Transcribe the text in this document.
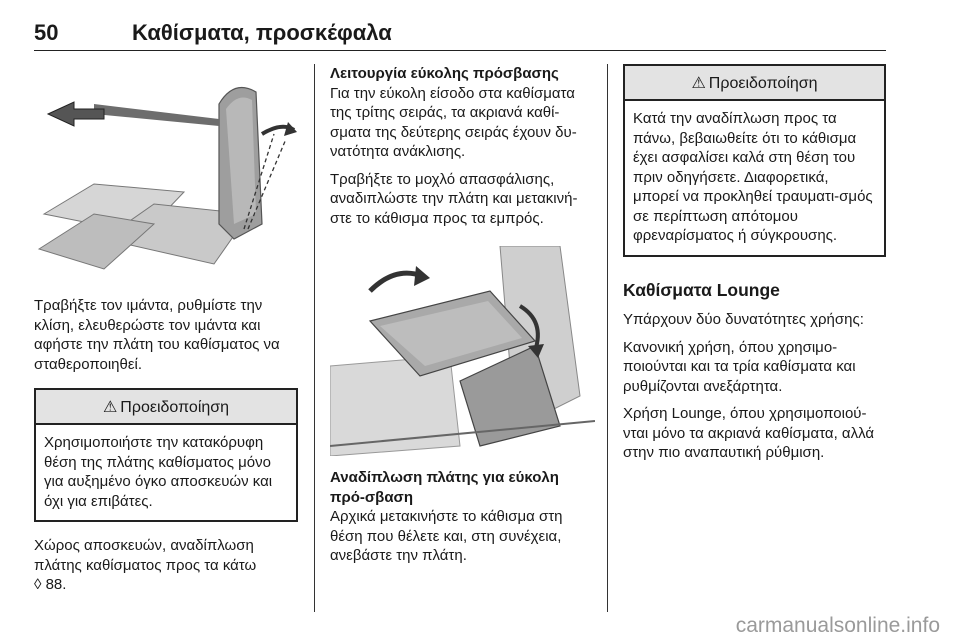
50	Καθίσματα, προσκέφαλα

Τραβήξτε τον ιμάντα, ρυθμίστε την κλίση, ελευθερώστε τον ιμάντα και αφήστε την πλάτη του καθίσματος να σταθεροποιηθεί.

⚠ Προειδοποίηση
Χρησιμοποιήστε την κατακόρυφη θέση της πλάτης καθίσματος μόνο για αυξημένο όγκο αποσκευών και όχι για επιβάτες.

Χώρος αποσκευών, αναδίπλωση πλάτης καθίσματος προς τα κάτω
◊ 88.

Λειτουργία εύκολης πρόσβασης

Για την εύκολη είσοδο στα καθίσματα της τρίτης σειράς, τα ακριανά καθί-σματα της δεύτερης σειράς έχουν δυ-νατότητα ανάκλισης.

Τραβήξτε το μοχλό απασφάλισης, αναδιπλώστε την πλάτη και μετακινή-στε το κάθισμα προς τα εμπρός.

Αναδίπλωση πλάτης για εύκολη πρό-σβαση

Αρχικά μετακινήστε το κάθισμα στη θέση που θέλετε και, στη συνέχεια, ανεβάστε την πλάτη.

⚠ Προειδοποίηση
Κατά την αναδίπλωση προς τα πάνω, βεβαιωθείτε ότι το κάθισμα έχει ασφαλίσει καλά στη θέση του πριν οδηγήσετε. Διαφορετικά, μπορεί να προκληθεί τραυματι-σμός σε περίπτωση απότομου φρεναρίσματος ή σύγκρουσης.

Καθίσματα Lounge

Υπάρχουν δύο δυνατότητες χρήσης:

Κανονική χρήση, όπου χρησιμο-ποιούνται και τα τρία καθίσματα και ρυθμίζονται ανεξάρτητα.

Χρήση Lounge, όπου χρησιμοποιού-νται μόνο τα ακριανά καθίσματα, αλλά στην πιο αναπαυτική ρύθμιση.

carmanualsonline.info
